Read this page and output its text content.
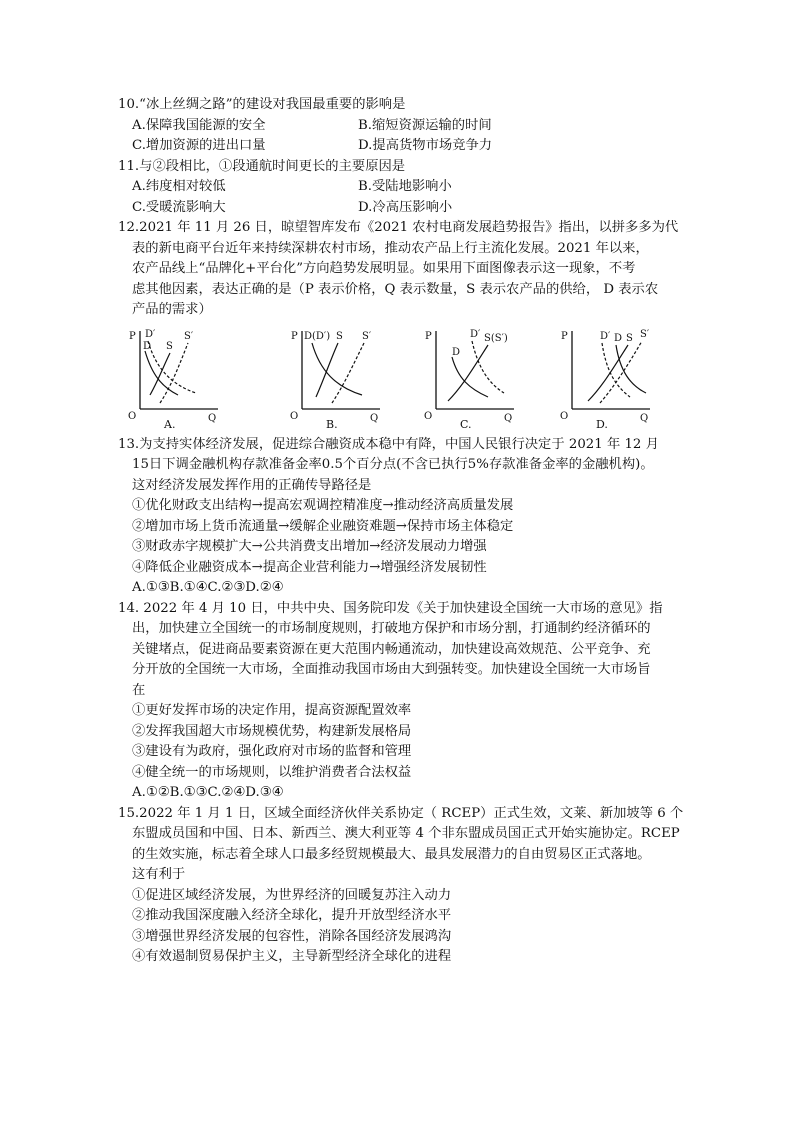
10.“冰上丝绸之路”的建设对我国最重要的影响是
A.保障我国能源的安全	B.缩短资源运输的时间
C.增加资源的进出口量	D.提高货物市场竞争力
11.与②段相比，①段通航时间更长的主要原因是
A.纬度相对较低	B.受陆地影响小
C.受暖流影响大	D.冷高压影响小
12.2021 年 11 月 26 日，晾望智库发布《2021 农村电商发展趋势报告》指出，以拼多多为代
表的新电商平台近年来持续深耕农村市场，推动农产品上行主流化发展。2021 年以来，
农产品线上“品牌化+平台化”方向趋势发展明显。如果用下面图像表示这一现象，不考
虑其他因素，表达正确的是（P 表示价格，Q 表示数量，S 表示农产品的供给， D 表示农
产品的需求）
P D′
D S
S′
O	Q
A.
P D(D′) S S′
O	Q
B.
P	D′
D
S(S′)
O	Q
C.
P	D′ D S S′
O	Q
D.
13.为支持实体经济发展，促进综合融资成本稳中有降，中国人民银行决定于 2021 年 12 月
15日下调金融机构存款准备金率0.5个百分点(不含已执行5%存款准备金率的金融机构)。
这对经济发展发挥作用的正确传导路径是
①优化财政支出结构→提高宏观调控精准度→推动经济高质量发展
②增加市场上货币流通量→缓解企业融资难题→保持市场主体稳定
③财政赤字规模扩大→公共消费支出增加→经济发展动力增强
④降低企业融资成本→提高企业营利能力→增强经济发展韧性
A.①③B.①④C.②③D.②④
14. 2022 年 4 月 10 日，中共中央、国务院印发《关于加快建设全国统一大市场的意见》指
出，加快建立全国统一的市场制度规则，打破地方保护和市场分割，打通制约经济循环的
关键堵点，促进商品要素资源在更大范围内畅通流动，加快建设高效规范、公平竞争、充
分开放的全国统一大市场，全面推动我国市场由大到强转变。加快建设全国统一大市场旨
在
①更好发挥市场的决定作用，提高资源配置效率
②发挥我国超大市场规模优势，构建新发展格局
③建设有为政府，强化政府对市场的监督和管理
④健全统一的市场规则，以维护消费者合法权益
A.①②B.①③C.②④D.③④
15.2022 年 1 月 1 日，区域全面经济伙伴关系协定（ RCEP）正式生效，文莱、新加坡等 6 个
东盟成员国和中国、日本、新西兰、澳大利亚等 4 个非东盟成员国正式开始实施协定。RCEP
的生效实施，标志着全球人口最多经贸规模最大、最具发展潜力的自由贸易区正式落地。
这有利于
①促进区域经济发展，为世界经济的回暖复苏注入动力
②推动我国深度融入经济全球化，提升开放型经济水平
③增强世界经济发展的包容性，消除各国经济发展鸿沟
④有效遏制贸易保护主义，主导新型经济全球化的进程
